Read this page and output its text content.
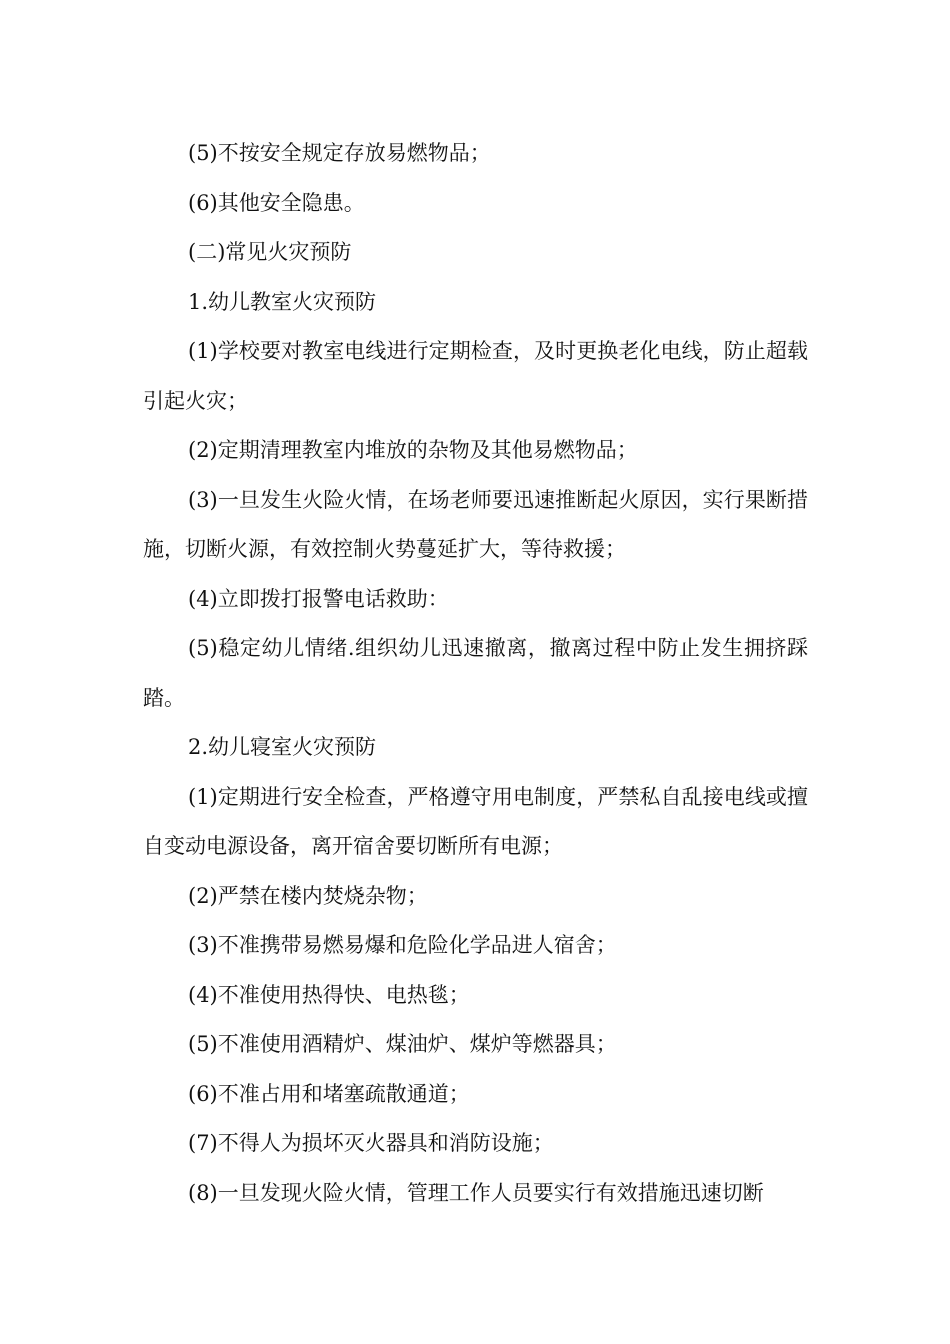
(5)不按安全规定存放易燃物品；

(6)其他安全隐患。

(二)常见火灾预防

1.幼儿教室火灾预防

(1)学校要对教室电线进行定期检查，及时更换老化电线，防止超载引起火灾；

(2)定期清理教室内堆放的杂物及其他易燃物品；

(3)一旦发生火险火情，在场老师要迅速推断起火原因，实行果断措施，切断火源，有效控制火势蔓延扩大，等待救援；

(4)立即拨打报警电话救助：

(5)稳定幼儿情绪.组织幼儿迅速撤离，撤离过程中防止发生拥挤踩踏。

2.幼儿寝室火灾预防

(1)定期进行安全检查，严格遵守用电制度，严禁私自乱接电线或擅自变动电源设备，离开宿舍要切断所有电源；

(2)严禁在楼内焚烧杂物；

(3)不准携带易燃易爆和危险化学品进人宿舍；

(4)不准使用热得快、电热毯；

(5)不准使用酒精炉、煤油炉、煤炉等燃器具；

(6)不准占用和堵塞疏散通道；

(7)不得人为损坏灭火器具和消防设施；

(8)一旦发现火险火情，管理工作人员要实行有效措施迅速切断
